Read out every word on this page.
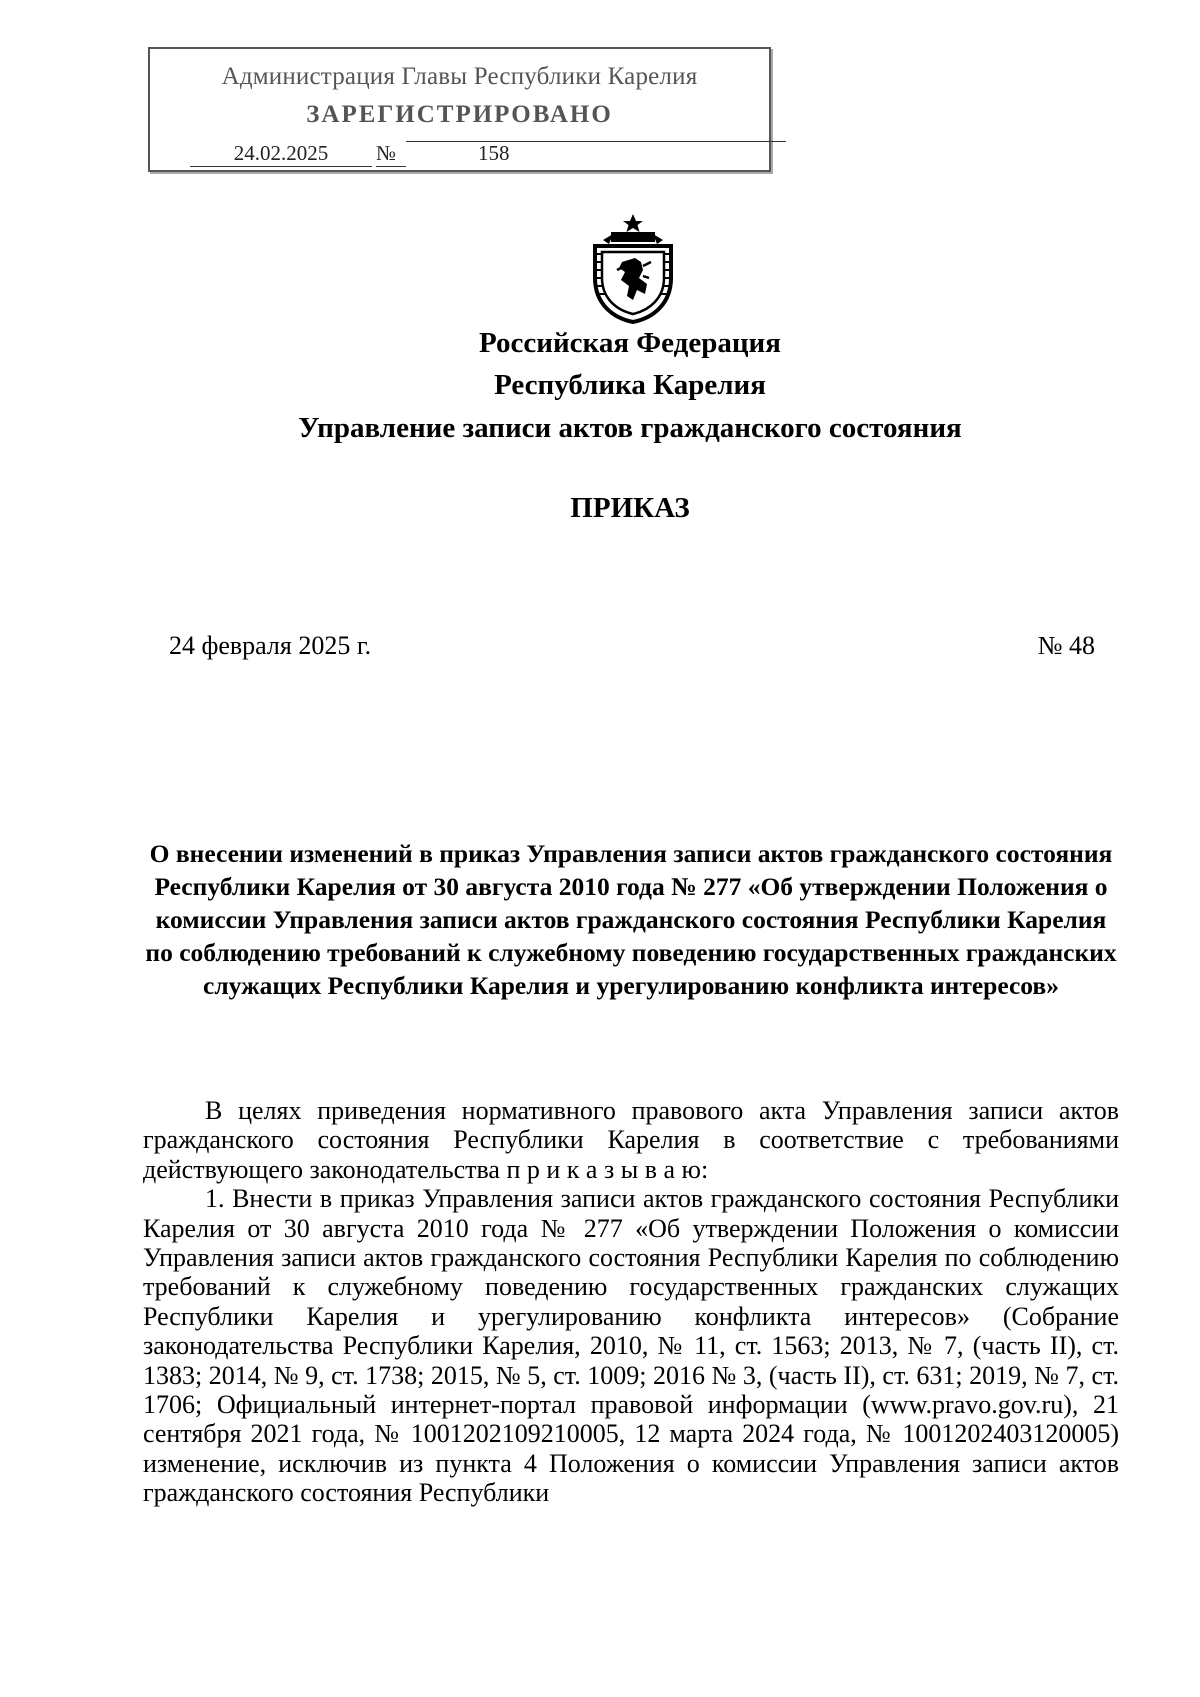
Администрация Главы Республики Карелия
ЗАРЕГИСТРИРОВАНО
24.02.2025	№	158
Российская Федерация
Республика Карелия
Управление записи актов гражданского состояния
ПРИКАЗ
24 февраля 2025 г.	№ 48
О внесении изменений в приказ Управления записи актов гражданского состояния Республики Карелия от 30 августа 2010 года № 277 «Об утверждении Положения о комиссии Управления записи актов гражданского состояния Республики Карелия по соблюдению требований к служебному поведению государственных гражданских служащих Республики Карелия и урегулированию конфликта интересов»

В целях приведения нормативного правового акта Управления записи актов гражданского состояния Республики Карелия в соответствие с требованиями действующего законодательства п р и к а з ы в а ю:

1. Внести в приказ Управления записи актов гражданского состояния Республики Карелия от 30 августа 2010 года № 277 «Об утверждении Положения о комиссии Управления записи актов гражданского состояния Республики Карелия по соблюдению требований к служебному поведению государственных гражданских служащих Республики Карелия и урегулированию конфликта интересов» (Собрание законодательства Республики Карелия, 2010, № 11, ст. 1563; 2013, № 7, (часть II), ст. 1383; 2014, № 9, ст. 1738; 2015, № 5, ст. 1009; 2016 № 3, (часть II), ст. 631; 2019, № 7, ст. 1706; Официальный интернет-портал правовой информации (www.pravo.gov.ru), 21 сентября 2021 года, № 1001202109210005, 12 марта 2024 года, № 1001202403120005) изменение, исключив из пункта 4 Положения о комиссии Управления записи актов гражданского состояния Республики
